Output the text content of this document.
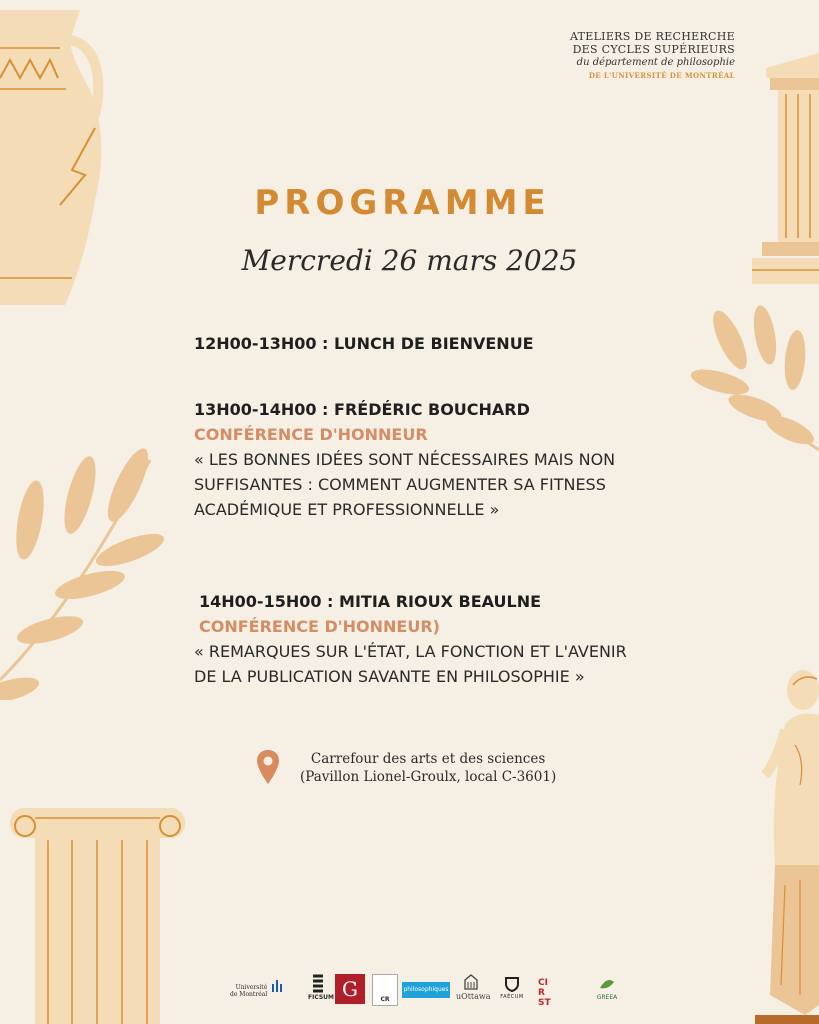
ATELIERS DE RECHERCHE
DES CYCLES SUPÉRIEURS
du département de philosophie
DE L'UNIVERSITÉ DE MONTRÉAL
PROGRAMME
Mercredi 26 mars 2025
12H00-13H00 : LUNCH DE BIENVENUE
13H00-14H00 : FRÉDÉRIC BOUCHARD
CONFÉRENCE D'HONNEUR
« LES BONNES IDÉES SONT NÉCESSAIRES MAIS NON
SUFFISANTES : COMMENT AUGMENTER SA FITNESS
ACADÉMIQUE ET PROFESSIONNELLE »
14H00-15H00 : MITIA RIOUX BEAULNE
CONFÉRENCE D'HONNEUR)
« REMARQUES SUR L'ÉTAT, LA FONCTION ET L'AVENIR
DE LA PUBLICATION SAVANTE EN PHILOSOPHIE »
Carrefour des arts et des sciences
(Pavillon Lionel-Groulx, local C-3601)
Université
de Montréal	FICSUM G	CR
philosophiques
uOttawa	FAÉCUM
CIR ST
GREEA
